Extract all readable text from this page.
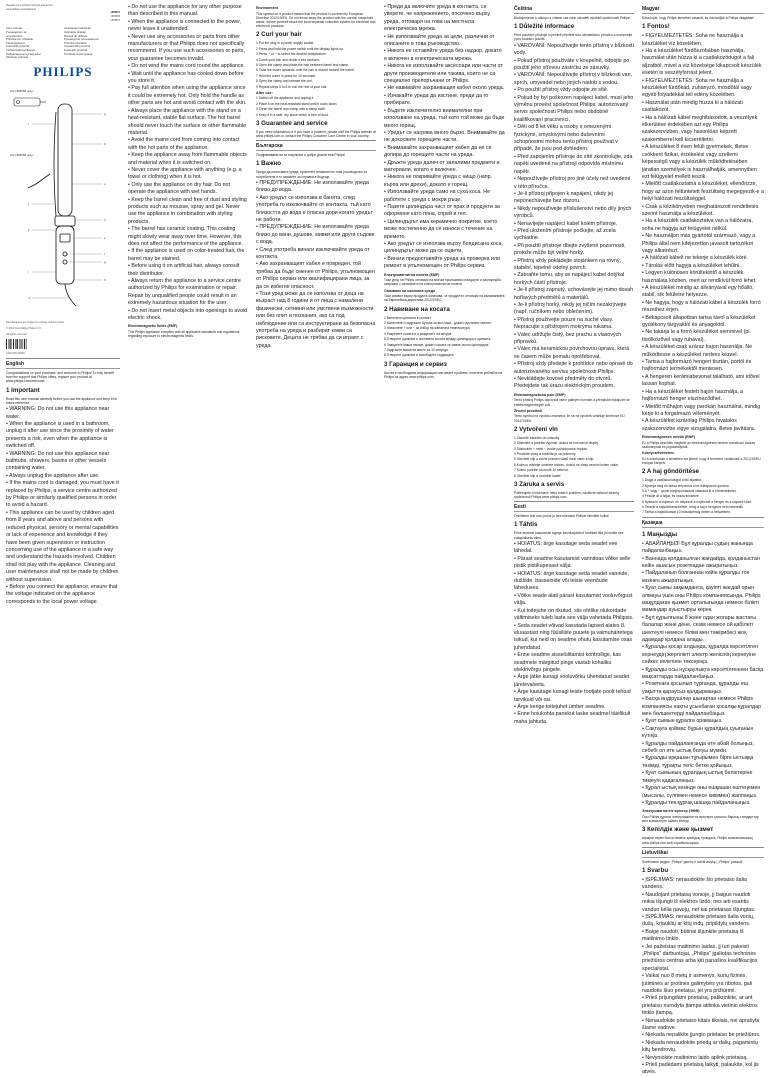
Register your product and get support at

www.philips.com/welcome

HP8657

HP8658

HP8657

User manual	Lietošanas instrukcija
Ръководство за	Instrukcja obsługi
потребителя	Manual de utilizare
Příručka pro uživatele	Руководство пользователя
Kasutusjuhend	Príručka užívateľa
Korisnički priručnik	Uporabniški priročnik
Felhasználói kézikönyв	Korisnički priručnik
Пайдаланушы нұсқаулығы	Посібник користувача
Vartotojo vadovas
PHILIPS
(for HP8658 only)
(for HP8658 only)
a
b
c
d
e
f
g
h
i
j
k
l
m

Specifications are subject to change without notice

© 2014 Koninklijke Philips N.V.

All rights reserved.

3140 035 30333

English

Congratulations on your purchase, and welcome to Philips! To fully benefit from the support that Philips offers, register your product at www.philips.com/welcome.

1 Important

Read this user manual carefully before you use the appliance and keep it for future reference.

• WARNING: Do not use this appliance near water.

• When the appliance is used in a bathroom, unplug it after use since the proximity of water presents a risk, even when the appliance is switched off.

• WARNING: Do not use this appliance near bathtubs, showers, basins or other vessels containing water.

• Always unplug the appliance after use.

• If the mains cord is damaged, you must have it replaced by Philips, a service centre authorized by Philips or similarly qualified persons in order to avoid a hazard.

• This appliance can be used by children aged from 8 years and above and persons with reduced physical, sensory or mental capabilities or lack of experience and knowledge if they have been given supervision or instruction concerning use of the appliance in a safe way and understand the hazards involved. Children shall not play with the appliance. Cleaning and user maintenance shall not be made by children without supervision.

• Before you connect the appliance, ensure that the voltage indicated on the appliance corresponds to the local power voltage.

• Do not use the appliance for any other purpose than described in this manual.

• When the appliance is connected to the power, never leave it unattended.

• Never use any accessories or parts from other manufacturers or that Philips does not specifically recommend. If you use such accessories or parts, your guarantee becomes invalid.

• Do not wind the mains cord round the appliance.

• Wait until the appliance has cooled down before you store it.

• Pay full attention when using the appliance since it could be extremely hot. Only hold the handle as other parts are hot and avoid contact with the skin.

• Always place the appliance with the stand on a heat-resistant, stable flat surface. The hot barrel should never touch the surface or other flammable material.

• Avoid the mains cord from coming into contact with the hot parts of the appliance.

• Keep the appliance away from flammable objects and material when it is switched on.

• Never cover the appliance with anything (e.g. a towel or clothing) when it is hot.

• Only use the appliance on dry hair. Do not operate the appliance with wet hands.

• Keep the barrel clean and free of dust and styling products such as mousse, spray and gel. Never use the appliance in combination with styling products.

• The barrel has ceramic coating. This coating might slowly wear away over time. However, this does not affect the performance of the appliance.

• If the appliance is used on color-treated hair, the barrel may be stained.

• Before using it on artificial hair, always consult their distributor.

• Always return the appliance to a service centre authorized by Philips for examination or repair. Repair by unqualified people could result in an extremely hazardous situation for the user.

• Do not insert metal objects into openings to avoid electric shock.

Electromagnetic fields (EMF)

This Philips appliance complies with all applicable standards and regulations regarding exposure to electromagnetic fields.

Environment

This symbol on a product means that the product is covered by European Directive 2012/19/EU. Do not throw away the product with the normal household waste. Inform yourself about the local separate collection system for electrical and electronic products.

2 Curl your hair

1 Put the plug in a power supply socket.

2 Press and hold the power switch until the display lights up.

3 Press + or − to select the desired temperature.

4 Comb your hair and divide it into sections.

5 Open the clamp and place the hair between barrel and clamp.

6 Twist the curler upwards, until the hair is wound around the barrel.

7 Hold the curler in place for 10 seconds.

8 Open the clamp and release the curl.

9 Repeat steps 5 to 8 to curl the rest of your hair.

After use:

1 Switch off the appliance and unplug it.

2 Place it on the heat-resistant stand until it cools down.

3 Clean the barrel and clamp with a damp cloth.

4 Keep it in a safe, dry place which is free of dust.

3 Guarantee and service

If you need information or if you have a problem, please visit the Philips website at www.philips.com or contact the Philips Customer Care Centre in your country.

Български

Поздравяваме ви за покупката и добре дошли във Philips!

1 Важно

Преди да използвате уреда, прочетете внимателно това ръководство за потребителя и го запазете за справка в бъдеще.

• ПРЕДУПРЕЖДЕНИЕ: Не използвайте уреда близо до вода.

• Ако уредът се използва в банята, след употреба го изключвайте от контакта, тъй като близостта до вода е опасна дори когато уредът не работи.

• ПРЕДУПРЕЖДЕНИЕ: Не използвайте уреда близо до вани, душове, мивки или други съдове с вода.

• След употреба винаги изключвайте уреда от контакта.

• Ако захранващият кабел е повреден, той трябва да бъде сменен от Philips, упълномощен от Philips сервиз или квалифицирани лица, за да се избегне опасност.

• Този уред може да се използва от деца на възраст над 8 години и от лица с намалени физически, сетивни или умствени възможности или без опит и познания, ако са под наблюдение или са инструктирани за безопасна употреба на уреда и разбират какви са рисковете. Децата не трябва да си играят с уреда.

• Преди да включите уреда в контакта, се уверете, че напрежението, посочено върху уреда, отговаря на това на местната електрическа мрежа.

• Не използвайте уреда за цели, различни от описаните в това ръководство.

• Никога не оставяйте уреда без надзор, докато е включен в електрическата мрежа.

• Никога не използвайте аксесоари или части от други производители или такива, които не са специално препоръчани от Philips.

• Не навивайте захранващия кабел около уреда.

• Изчакайте уреда да изстине, преди да го прибирате.

• Бъдете изключително внимателни при използване на уреда, тъй като той може да бъде много горещ.

• Уредът се нагрява много бързо. Внимавайте да не докосвате горещите части.

• Внимавайте захранващият кабел да не се допира до горещите части на уреда.

• Дръжте уреда далеч от запалими предмети и материали, когато е включен.

• Никога не покривайте уреда с нищо (напр. кърпа или дрехи), докато е горещ.

• Използвайте уреда само на суха коса. Не работете с уреда с мокри ръце.

• Пазете цилиндъра чист от прах и продукти за оформяне като пяна, спрей и гел.

• Цилиндърът има керамично покритие, което може постепенно да се износи с течение на времето.

• Ако уредът се използва върху боядисана коса, цилиндърът може да се оцвети.

• Винаги предоставяйте уреда за проверка или ремонт в упълномощен от Philips сервиз.

Електромагнитни полета (EMF)

Този уред на Philips отговаря на всички приложими стандарти и разпоредби, свързани с излагането на електромагнитни полета.

Опазване на околната среда

Този символ върху продукта означава, че продуктът отговаря на изискванията на Европейска директива 2012/19/ЕС.

2 Навиване на косата

1 Включете щепсела в контакт.

2 Натиснете и задръжте бутона за вкл./изкл., докато дисплеят светне.

3 Натиснете + или − за избор на желаната температура.

4 Разресете косата и я разделете на кичури.

5 Отворете щипката и поставете косата между цилиндъра и щипката.

6 Завъртете маша нагоре, докато косата се навие около цилиндъра.

7 Задръжте маша на място за 10 секунди.

8 Отворете щипката и освободете къдрицата.

3 Гаранция и сервиз

Ако ви е необходима информация или имате проблем, посетете уебсайта на Philips на адрес www.philips.com.

Čeština

Blahopřejeme k nákupu a vítáme vás mezi uživateli výrobků společnosti Philips!

1 Důležité informace

Před použitím přístroje si pečlivě přečtěte tuto uživatelskou příručku a uschovejte ji pro budoucí použití.

• VAROVÁNÍ: Nepoužívejte tento přístroj v blízkosti vody.

• Pokud přístroj používáte v koupelně, odpojte po použití jeho síťovou zástrčku ze zásuvky.

• VAROVÁNÍ: Nepoužívejte přístroj v blízkosti van, sprch, umyvadel nebo jiných nádob s vodou.

• Po použití přístroj vždy odpojte ze sítě.

• Pokud by byl poškozen napájecí kabel, musí jeho výměnu provést společnost Philips, autorizovaný servis společnosti Philips nebo obdobně kvalifikovaní pracovníci.

• Děti od 8 let věku a osoby s omezenými fyzickými, smyslovými nebo duševními schopnostmi mohou tento přístroj používat v případě, že jsou pod dohledem.

• Před zapojením přístroje do sítě zkontrolujte, zda napětí uvedené na přístroji odpovídá místnímu napětí.

• Nepoužívejte přístroj pro jiné účely než uvedené v této příručce.

• Je-li přístroj připojen k napájení, nikdy jej neponechávejte bez dozoru.

• Nikdy nepoužívejte příslušenství nebo díly jiných výrobců.

• Nenavíjejte napájecí kabel kolem přístroje.

• Před uložením přístroje počkejte, až zcela vychladne.

• Při použití přístroje dbejte zvýšené pozornosti, protože může být velmi horký.

• Přístroj vždy pokládejte stojánkem na rovný, stabilní, tepelně odolný povrch.

• Zabraňte tomu, aby se napájecí kabel dotýkal horkých částí přístroje.

• Je-li přístroj zapnutý, uchovávejte jej mimo dosah hořlavých předmětů a materiálů.

• Je-li přístroj horký, nikdy jej ničím nezakrývejte (např. ručníkem nebo oblečením).

• Přístroj používejte pouze na suché vlasy. Nepracujte s přístrojem mokrýma rukama.

• Válec udržujte čistý, bez prachu a vlasových přípravků.

• Válec má keramickou povrchovou úpravu, která se časem může pomalu opotřebovat.

• Přístroj vždy předejte k prohlídce nebo opravě do autorizovaného servisu společnosti Philips.

• Nevkládejte kovové předměty do otvorů. Předejdete tak úrazu elektrickým proudem.

Elektromagnetická pole (EMP)

Tento přístroj Philips odpovídá všem platným normám a předpisům týkajícím se elektromagnetických polí.

Životní prostředí

Tento symbol na výrobku znamená, že se na výrobek vztahuje směrnice EU 2012/19/EU.

2 Vytvoření vln

1 Zasuňte zástrčku do zásuvky.

2 Stiskněte a podržte vypínač, dokud se nerozsvítí displej.

3 Stisknutím + nebo − zvolte požadovanou teplotu.

4 Pročešte vlasy a rozdělte je na prameny.

5 Otevřete klip a vložte pramen vlasů mezi válec a klip.

6 Kulmou otáčejte směrem nahoru, dokud se vlasy neoviní kolem válce.

7 Kulmu podržte na místě 10 sekund.

8 Otevřete klip a uvolněte kadeř.

3 Záruka a servis

Potřebujete-li informace nebo máte-li problém, navštivte webové stránky společnosti Philips www.philips.com.

Eesti

Õnnitleme teid ostu puhul ja tere tulemast Philipsi klientide hulka!

1 Tähtis

Enne seadme kasutamist lugege kasutusjuhend hoolikalt läbi ja hoidke see edaspidiseks alles.

• HOIATUS: ärge kasutage seda seadet vee lähedal.

• Pärast seadme kasutamist vannitoas võtke selle pistik pistikupesast välja.

• HOIATUS: ärge kasutage seda seadet vannide, duššide, basseinide või teiste veenõude läheduses.

• Võtke seade alati pärast kasutamist vooluvõrgust välja.

• Kui toitejuhe on rikutud, siis ohtlike olukordade vältimiseks tuleb lasta see välja vahetada Philipsis.

• Seda seadet võivad kasutada lapsed alates 8. eluaastast ning füüsiliste puuete ja vaimuhäiretega isikud, kui neid on seadme ohutu kasutamise osas juhendatud.

• Enne seadme sisselülitamist kontrollige, kas seadmele märgitud pinge vastab kohaliku elektrivõrgu pingele.

• Ärge jätke kunagi vooluvõrku ühendatud seadet järelevalveta.

• Ärge kasutage kunagi teiste tootjate poolt tehtud tarvikuid või osi.

• Ärge kerige toitejuhet ümber seadme.

• Enne hoiukohta panekut laske seadmel täielikult maha jahtuda.

Magyar

Köszönjük, hogy Philips terméket vásárolt, és üdvözöljük a Philips világában!

1 Fontos!

• FIGYELMEZTETÉS: Soha ne használja a készüléket víz közelében.

• Ha a készüléket fürdőszobában használja, használat után húzza ki a csatlakozódugót a fali aljzatból, mivel a víz közelsége kikapcsolt készülék esetén is veszélyforrást jelent.

• FIGYELMEZTETÉS: Soha ne használja a készüléket fürdőkád, zuhanyzó, mosdótál vagy egyéb folyadékkal teli edény közelében.

• Használat után mindig húzza ki a hálózati csatlakozót.

• Ha a hálózati kábel meghibásodott, a veszélyek elkerülése érdekében azt egy Philips szakszervizben, vagy hasonlóan képzett szakemberrel kell kicseréltetni.

• A készüléket 8 éven felüli gyermekek, illetve csökkent fizikai, érzékelési vagy szellemi képességű vagy a készülék működtetésében járatlan személyek is használhatják, amennyiben ezt felügyelet mellett teszik.

• Mielőtt csatlakoztatná a készüléket, ellenőrizze, hogy az azon feltüntetett feszültség megegyezik-e a helyi hálózati feszültséggel.

• Csak a kézikönyvben meghatározott rendeltetés szerint használja a készüléket.

• Ha a készülék csatlakoztatva van a hálózatra, soha ne hagyja azt felügyelet nélkül.

• Ne használjon más gyártótól származó, vagy a Philips által nem kifejezetten javasolt tartozékot vagy alkatrészt.

• A hálózati kábelt ne tekerje a készülék köré.

• Tárolás előtt hagyja a készüléket lehűlni.

• Legyen különösen körültekintő a készülék használata közben, mert az rendkívül forró lehet.

• A készüléket mindig az állványával egy hőálló, stabil, sík felületre helyezze.

• Ne hagyja, hogy a hálózati kábel a készülék forró részeihez érjen.

• Bekapcsolt állapotban tartsa távol a készüléket gyúlékony tárgyaktól és anyagoktól.

• Ne takarja le a forró készüléket semmivel (pl. törölközővel vagy ruhával).

• A készüléket csak száraz hajon használja. Ne működtesse a készüléket nedves kézzel.

• Tartsa a hajformázó hengert tisztán, portól és hajformázó termékektől mentesen.

• A hengeren kerámiabevonat található, ami idővel lassan kophat.

• Ha a készüléket festett hajon használja, a hajformázó henger elszíneződhet.

• Mielőtt műhajon vagy parókán használná, mindig kérje ki a forgalmazó véleményét.

• A készüléket kizárólag Philips hivatalos szakszervizbe vigye vizsgálatra, illetve javításra.

Elektromágneses mezők (EMF)

Ez a Philips készülék megfelel az elektromágneses terekre vonatkozó összes szabványnak és jogszabálynak.

Környezetvédelem

Ez a szimbólum a terméken azt jelenti, hogy a termékre vonatkozik a 2012/19/EU európai irányelv.

2 A haj göndörítése

1 Dugja a csatlakozódugót a fali aljzatba.

2 Nyomja meg és tartsa lenyomva a be-/kikapcsoló gombot.

3 A + vagy − gomb megnyomásával válassza ki a hőmérsékletet.

4 Fésülje át a haját, és ossza tincsekre.

5 Nyissa ki a csipeszt, és helyezze a hajtincset a henger és a csipesz közé.

6 Tekerje a hajsütővasat felfelé, amíg a haj a hengerre nem tekeredik.

7 Tartsa a hajsütővasat 10 másodpercig ebben a helyzetben.

Қазақша

1 Маңызды

• АБАЙЛАҢЫЗ! Бұл құралды судың жанында пайдаланбаңыз.

• Ваннада қолданылған жағдайда, қолданыстан кейін ашасын розеткадан ажыратыңыз.

• Пайдаланып болғаннан кейін құралды ток көзінен ажыратыңыз.

• Қуат сымы зақымданса, қауіпті жағдай орын алмауы үшін оны Philips компаниясында, Philips мақұлдаған қызмет орталығында немесе білікті мамандар ауыстыруы керек.

• Бұл құрылғыны 8 және одан жоғары жастағы балалар және дене, сезім немесе ой қабілеті шектеулі немесе білімі мен тәжірибесі жоқ адамдар қолдана алады.

• Құралды қосар алдында, құралда көрсетілген кернеудің жергілікті электр желісінің кернеуіне сәйкес келетінін тексеріңіз.

• Құралды осы нұсқаулықта көрсетілгеннен басқа мақсаттарда пайдаланбаңыз.

• Розеткаға қосылып тұрғанда, құралды еш уақытта қараусыз қалдырмаңыз.

• Басқа өндірушілер шығарған немесе Philips компаниясы нақты ұсынбаған қосалқы құралдар мен бөлшектерді пайдаланбаңыз.

• Қуат сымын құралға орамаңыз.

• Сақтауға қоймас бұрын құралдың суығанын күтіңіз.

• Құралды пайдаланғанда өте абай болыңыз, себебі ол өте ыстық болуы мүмкін.

• Құралды әрқашан тұғырымен бірге ыстыққа төзімді, тұрақты тегіс бетке қойыңыз.

• Қуат сымының құралдың ыстық бөліктеріне тимеуін қадағалаңыз.

• Құрал ыстық кезінде оны ешқашан ештеңемен (мысалы, сүлгімен немесе киіммен) жаппаңыз.

• Құралды тек құрғақ шашқа пайдаланыңыз.

Электромагниттік өрістер (ЭМӨ)

Осы Philips құралы электромагниттік өрістерге қатысты барлық стандарттар мен ережелерге сәйкес келеді.

3 Кепілдік және қызмет

Ақпарат керек болса немесе қиындық туындаса, Philips компаниясының www.philips.com веб-торабына кіріңіз.

Lietuviškai

Sveikiname įsigijus „Philips“ gaminį ir sveiki atvykę į „Philips“ pasaulį!

1 Svarbu

• ĮSPĖJIMAS: nenaudokite šio prietaiso šalia vandens.

• Naudojant prietaisą vonioje, jį baigus naudoti reikia išjungti iš elektros lizdo, nes arti esantis vanduo kelia pavojų, net kai prietaisas išjungtas.

• ĮSPĖJIMAS: nenaudokite prietaiso šalia vonių, dušų, kriauklių ar kitų indų, pripildytų vandens.

• Baigę naudoti, būtinai išjunkite prietaisą iš maitinimo tinklo.

• Jei pažeistas maitinimo laidas, jį turi pakeisti „Philips“ darbuotojai, „Philips“ įgaliotas techninės priežiūros centras arba kiti panašios kvalifikacijos specialistai.

• Vaikai nuo 8 metų ir asmenys, kurių fizinės, jutiminės ar protinės galimybės yra ribotos, gali naudotis šiuo prietaisu, jei yra prižiūrimi.

• Prieš prijungdami prietaisą, patikrinkite, ar ant prietaiso nurodyta įtampa atitinka vietinio elektros tinklo įtampą.

• Nenaudokite prietaiso kitais tikslais, nei aprašyta šiame vadove.

• Niekada nepalikite įjungto prietaiso be priežiūros.

• Niekada nenaudokite priedų ar dalių, pagamintų kitų bendrovių.

• Nevyniokite maitinimo laido aplink prietaisą.

• Prieš padėdami prietaisą laikyti, palaukite, kol jis atvės.
